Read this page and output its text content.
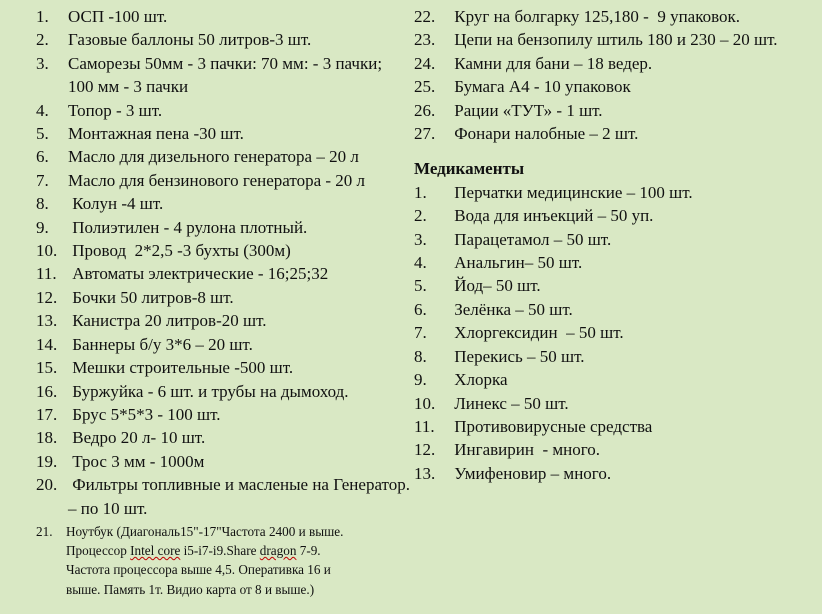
1. ОСП -100 шт.
2. Газовые баллоны 50 литров-3 шт.
3. Саморезы 50мм - 3 пачки: 70 мм: - 3 пачки; 100 мм - 3 пачки
4. Топор - 3 шт.
5. Монтажная пена -30 шт.
6. Масло для дизельного генератора – 20 л
7. Масло для бензинового генератора - 20 л
8. Колун -4 шт.
9. Полиэтилен - 4 рулона плотный.
10. Провод  2*2,5 -3 бухты (300м)
11. Автоматы электрические - 16;25;32
12. Бочки 50 литров-8 шт.
13. Канистра 20 литров-20 шт.
14. Баннеры б/у 3*6 – 20 шт.
15. Мешки строительные -500 шт.
16. Буржуйка - 6 шт. и трубы на дымоход.
17. Брус 5*5*3 - 100 шт.
18. Ведро 20 л- 10 шт.
19. Трос 3 мм - 1000м
20. Фильтры топливные и масленые на Генератор. – по 10 шт.
21. Ноутбук (Диагональ15"-17"Частота 2400 и выше.
Процессор Intel core i5-i7-i9.Share dragon 7-9.
Частота процессора выше 4,5. Оперативка 16 и
выше. Память 1т. Видио карта от 8 и выше.)
22. Круг на болгарку 125,180 -  9 упаковок.
23. Цепи на бензопилу штиль 180 и 230 – 20 шт.
24. Камни для бани – 18 ведер.
25. Бумага А4 - 10 упаковок
26. Рации «ТУТ» - 1 шт.
27. Фонари налобные – 2 шт.
Медикаменты
1. Перчатки медицинские – 100 шт.
2. Вода для инъекций – 50 уп.
3. Парацетамол – 50 шт.
4. Анальгин– 50 шт.
5. Йод– 50 шт.
6. Зелёнка – 50 шт.
7. Хлоргексидин  – 50 шт.
8. Перекись – 50 шт.
9. Хлорка
10. Линекс – 50 шт.
11. Противовирусные средства
12. Ингавирин  - много.
13. Умифеновир – много.
